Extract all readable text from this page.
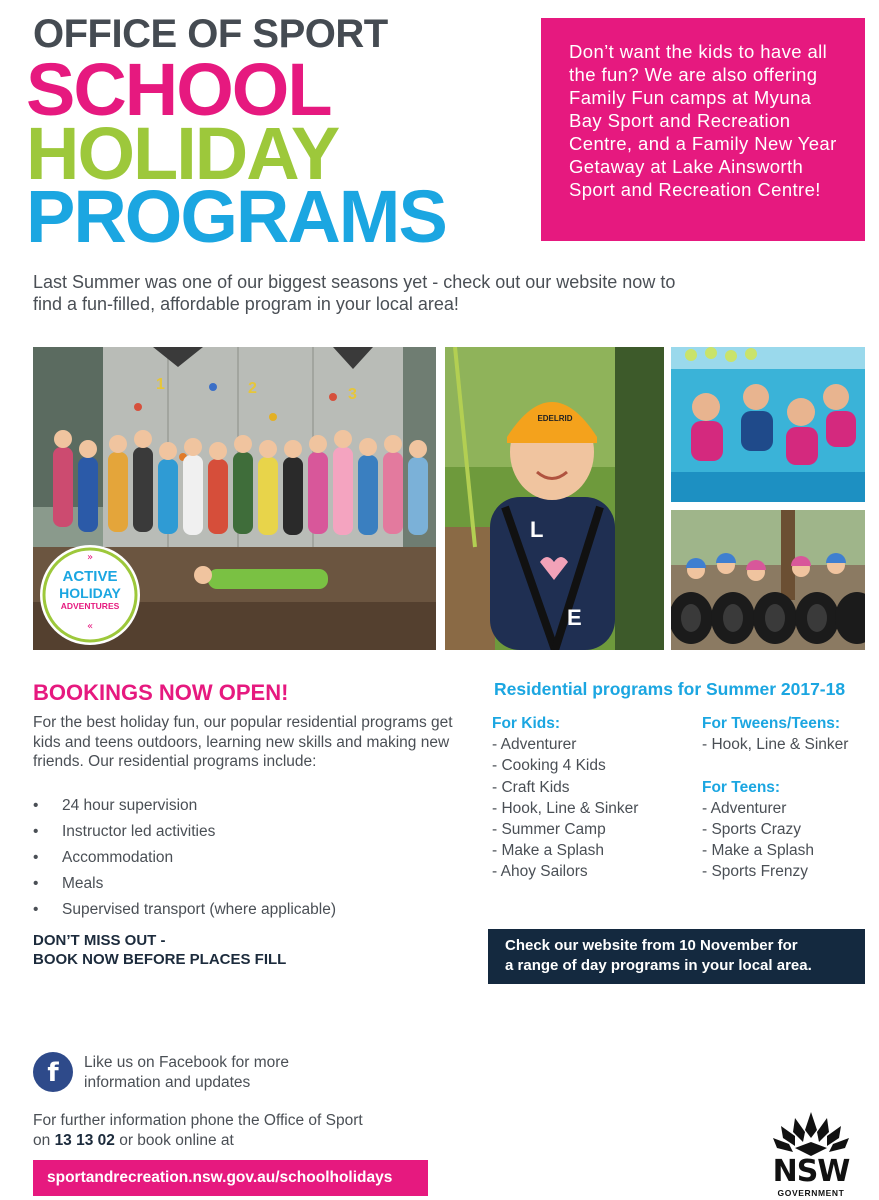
OFFICE OF SPORT
SCHOOL
HOLIDAY
PROGRAMS
Don’t want the kids to have all the fun? We are also offering Family Fun camps at Myuna Bay Sport and Recreation Centre, and a Family New Year Getaway at Lake Ainsworth Sport and Recreation Centre!
Last Summer was one of our biggest seasons yet - check out our website now to find a fun-filled, affordable program in your local area!
1	2	3
»
ACTIVE
HOLIDAY
ADVENTURES
«
EDELRID
L
E
BOOKINGS NOW OPEN!
For the best holiday fun, our popular residential programs get kids and teens outdoors, learning new skills and making new friends. Our residential programs include:
• 24 hour supervision
• Instructor led activities
• Accommodation
• Meals
• Supervised transport (where applicable)
DON’T MISS OUT -
BOOK NOW BEFORE PLACES FILL
Residential programs for Summer 2017-18
For Kids:
- Adventurer
- Cooking 4 Kids
- Craft Kids
- Hook, Line & Sinker
- Summer Camp
- Make a Splash
- Ahoy Sailors
For Tweens/Teens:
- Hook, Line & Sinker
For Teens:
- Adventurer
- Sports Crazy
- Make a Splash
- Sports Frenzy
Check our website from 10 November for
a range of day programs in your local area.
f	Like us on Facebook for more
information and updates
For further information phone the Office of Sport
on 13 13 02 or book online at
sportandrecreation.nsw.gov.au/schoolholidays	NSW
GOVERNMENT
